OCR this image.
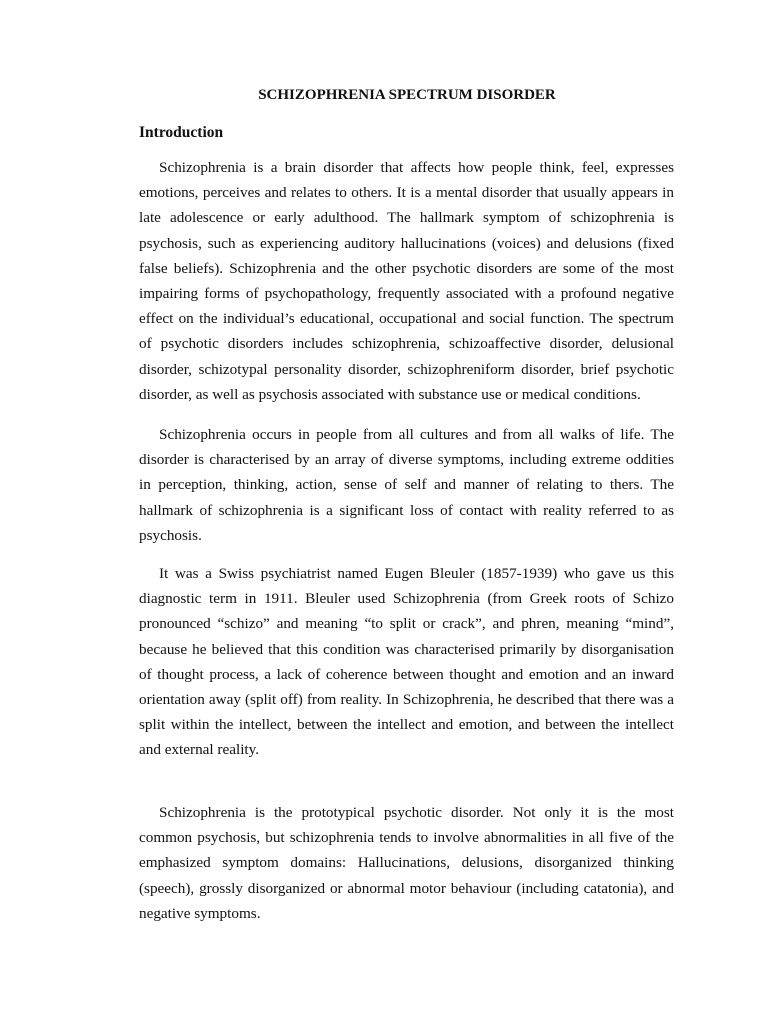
SCHIZOPHRENIA SPECTRUM DISORDER
Introduction

Schizophrenia is a brain disorder that affects how people think, feel, expresses emotions, perceives and relates to others. It is a mental disorder that usually appears in late adolescence or early adulthood. The hallmark symptom of schizophrenia is psychosis, such as experiencing auditory hallucinations (voices) and delusions (fixed false beliefs). Schizophrenia and the other psychotic disorders are some of the most impairing forms of psychopathology, frequently associated with a profound negative effect on the individual’s educational, occupational and social function. The spectrum of psychotic disorders includes schizophrenia, schizoaffective disorder, delusional disorder, schizotypal personality disorder, schizophreniform disorder, brief psychotic disorder, as well as psychosis associated with substance use or medical conditions.

Schizophrenia occurs in people from all cultures and from all walks of life. The disorder is characterised by an array of diverse symptoms, including extreme oddities in perception, thinking, action, sense of self and manner of relating to thers. The hallmark of schizophrenia is a significant loss of contact with reality referred to as psychosis.

It was a Swiss psychiatrist named Eugen Bleuler (1857-1939) who gave us this diagnostic term in 1911. Bleuler used Schizophrenia (from Greek roots of Schizo pronounced “schizo” and meaning “to split or crack”, and phren, meaning “mind”, because he believed that this condition was characterised primarily by disorganisation of thought process, a lack of coherence between thought and emotion and an inward orientation away (split off) from reality. In Schizophrenia, he described that there was a split within the intellect, between the intellect and emotion, and between the intellect and external reality.

Schizophrenia is the prototypical psychotic disorder. Not only it is the most common psychosis, but schizophrenia tends to involve abnormalities in all five of the emphasized symptom domains: Hallucinations, delusions, disorganized thinking (speech), grossly disorganized or abnormal motor behaviour (including catatonia), and negative symptoms.
